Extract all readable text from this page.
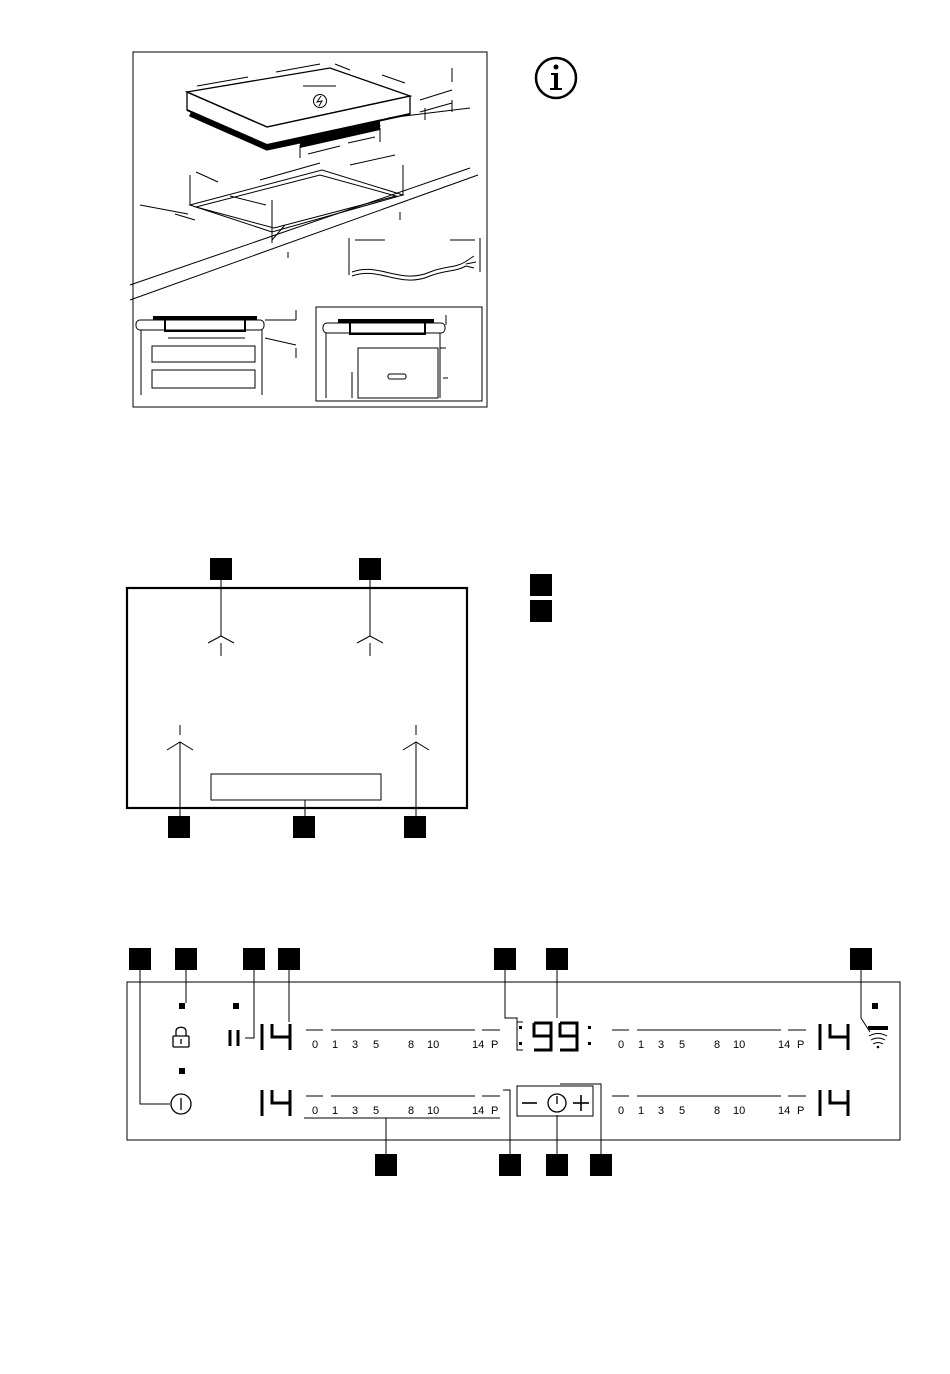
0 1 3 5	8 10	14 P
0 1 3 5	8 10	14 P
0 1 3 5	8 10	14 P
0 1 3 5	8 10	14 P
